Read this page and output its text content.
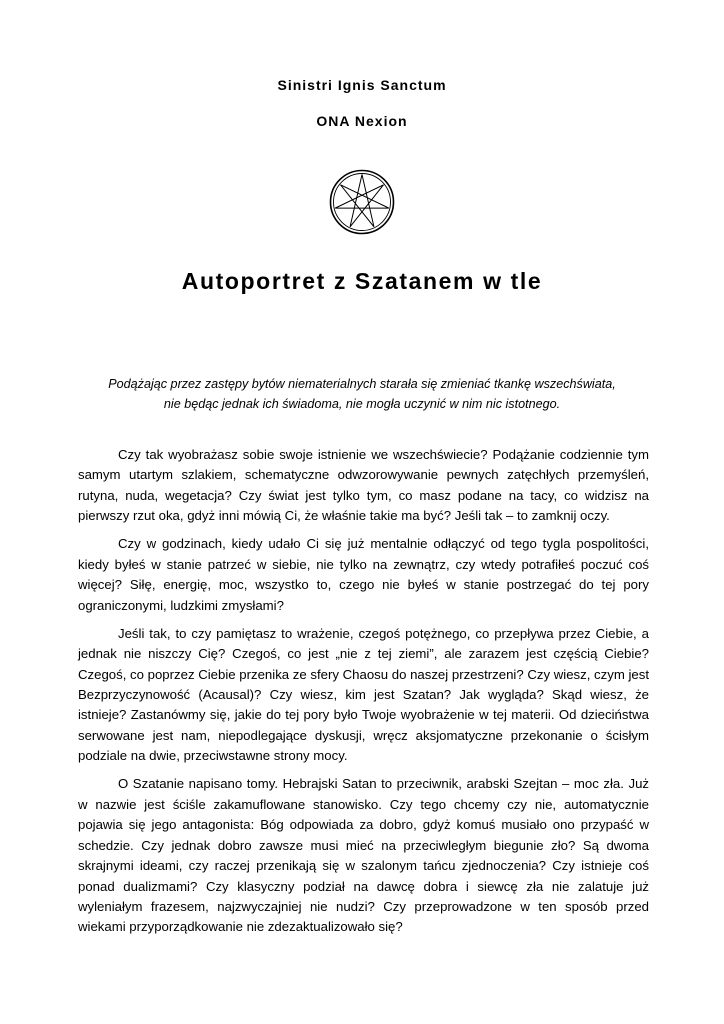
Sinistri Ignis Sanctum
ONA Nexion
Autoportret z Szatanem w tle
Podążając przez zastępy bytów niematerialnych starała się zmieniać tkankę wszechświata,
nie będąc jednak ich świadoma, nie mogła uczynić w nim nic istotnego.

Czy tak wyobrażasz sobie swoje istnienie we wszechświecie? Podążanie codziennie tym samym utartym szlakiem, schematyczne odwzorowywanie pewnych zatęchłych przemyśleń, rutyna, nuda, wegetacja? Czy świat jest tylko tym, co masz podane na tacy, co widzisz na pierwszy rzut oka, gdyż inni mówią Ci, że właśnie takie ma być? Jeśli tak – to zamknij oczy.

Czy w godzinach, kiedy udało Ci się już mentalnie odłączyć od tego tygla pospolitości, kiedy byłeś w stanie patrzeć w siebie, nie tylko na zewnątrz, czy wtedy potrafiłeś poczuć coś więcej? Siłę, energię, moc, wszystko to, czego nie byłeś w stanie postrzegać do tej pory ograniczonymi, ludzkimi zmysłami?

Jeśli tak, to czy pamiętasz to wrażenie, czegoś potężnego, co przepływa przez Ciebie, a jednak nie niszczy Cię? Czegoś, co jest „nie z tej ziemi”, ale zarazem jest częścią Ciebie? Czegoś, co poprzez Ciebie przenika ze sfery Chaosu do naszej przestrzeni? Czy wiesz, czym jest Bezprzyczynowość (Acausal)? Czy wiesz, kim jest Szatan? Jak wygląda? Skąd wiesz, że istnieje? Zastanówmy się, jakie do tej pory było Twoje wyobrażenie w tej materii. Od dzieciństwa serwowane jest nam, niepodlegające dyskusji, wręcz aksjomatyczne przekonanie o ścisłym podziale na dwie, przeciwstawne strony mocy.

O Szatanie napisano tomy. Hebrajski Satan to przeciwnik, arabski Szejtan – moc zła. Już w nazwie jest ściśle zakamuflowane stanowisko. Czy tego chcemy czy nie, automatycznie pojawia się jego antagonista: Bóg odpowiada za dobro, gdyż komuś musiało ono przypaść w schedzie. Czy jednak dobro zawsze musi mieć na przeciwległym biegunie zło? Są dwoma skrajnymi ideami, czy raczej przenikają się w szalonym tańcu zjednoczenia? Czy istnieje coś ponad dualizmami? Czy klasyczny podział na dawcę dobra i siewcę zła nie zalatuje już wyleniałym frazesem, najzwyczajniej nie nudzi? Czy przeprowadzone w ten sposób przed wiekami przyporządkowanie nie zdezaktualizowało się?
